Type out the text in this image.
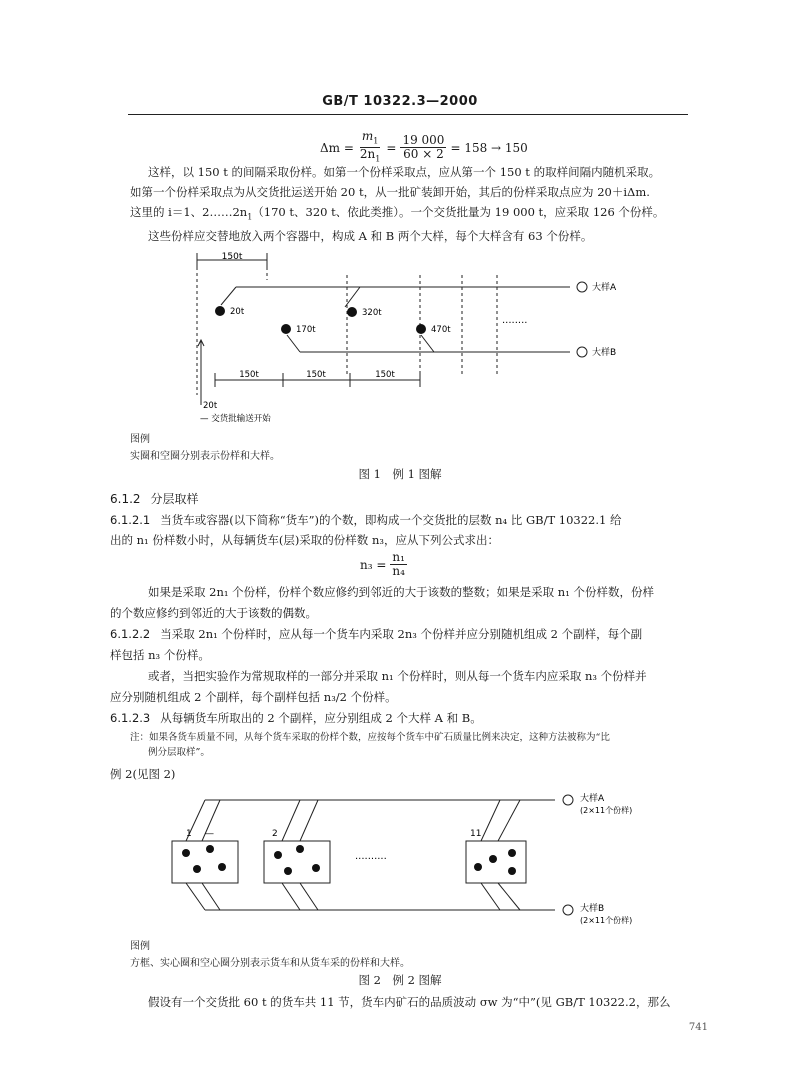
GB/T 10322.3—2000
$\Delta m = \frac{m_1}{2n_1} = \frac{19 000}{60 \times 2} = 158 \to 150$
这样，以 150 t 的间隔采取份样。如第一个份样采取点，应从第一个 150 t 的取样间隔内随机采取。
如第一个份样采取点为从交货批运送开始 20 t，从一批矿装卸开始，其后的份样采取点应为 20＋iΔm.
这里的 i＝1、$2\dots\dots 2n_1(170$ t、320 t、依此类推）。一个交货批量为 19 000 t，应采取 126 个份样。
这些份样应交替地放入两个容器中，构成 A 和 B 两个大样，每个大样含有 63 个份样。
150t
20t
170t
320t
470t
........
大样A
大样B
150t	150t	150t
20t
— 交货批输送开始
图例
实圈和空圈分别表示份样和大样。
图 1　例 1 图解
6.1.2 分层取样
6.1.2.1 当货车或容器(以下简称“货车”)的个数，即构成一个交货批的层数 n₄ 比 GB/T 10322.1 给
出的 n₁ 份样数小时，从每辆货车(层)采取的份样数 n₃，应从下列公式求出：
$n_3 = \frac{\text{n₁}}{\text{n₄}}$
如果是采取 2n₁ 个份样，份样个数应修约到邻近的大于该数的整数；如果是采取 n₁ 个份样数，份样
的个数应修约到邻近的大于该数的偶数。
6.1.2.2 当采取 2n₁ 个份样时，应从每一个货车内采取 2n₃ 个份样并应分别随机组成 2 个副样，每个副
样包括 n₃ 个份样。
或者，当把实验作为常规取样的一部分并采取 n₁ 个份样时，则从每一个货车内应采取 n₃ 个份样并
应分别随机组成 2 个副样，每个副样包括 n₃/2 个份样。
6.1.2.3 从每辆货车所取出的 2 个副样，应分别组成 2 个大样 A 和 B。
注：如果各货车质量不同，从每个货车采取的份样个数，应按每个货车中矿石质量比例来决定，这种方法被称为“比
例分层取样”。
例 2(见图 2)
1 —	2	11
..........
大样A
(2×11个份样)
大样B
(2×11个份样)
图例
方框、实心圈和空心圈分别表示货车和从货车采的份样和大样。
图 2　例 2 图解
假设有一个交货批 60 t 的货车共 11 节，货车内矿石的品质波动 σw 为“中”(见 GB/T 10322.2，那么
741
